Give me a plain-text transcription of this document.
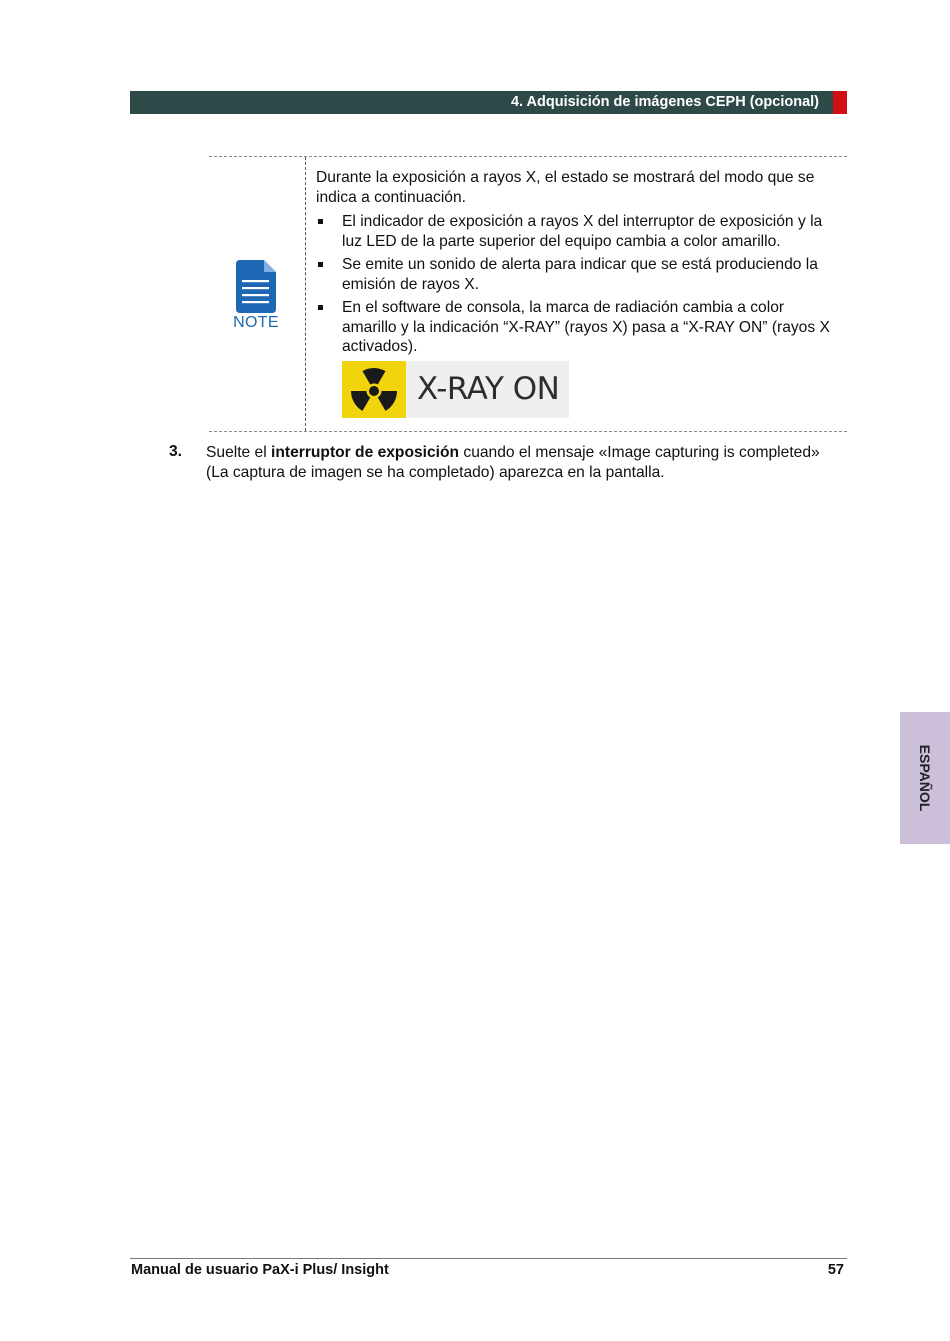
4. Adquisición de imágenes CEPH (opcional)
NOTE

Durante la exposición a rayos X, el estado se mostrará del modo que se indica a continuación.

El indicador de exposición a rayos X del interruptor de exposición y la luz LED de la parte superior del equipo cambia a color amarillo.
Se emite un sonido de alerta para indicar que se está produciendo la emisión de rayos X.
En el software de consola, la marca de radiación cambia a color amarillo y la indicación “X-RAY” (rayos X) pasa a “X-RAY ON” (rayos X activados).
X-RAY ON
3. Suelte el interruptor de exposición cuando el mensaje «Image capturing is completed» (La captura de imagen se ha completado) aparezca en la pantalla.
ESPAÑOL
Manual de usuario PaX-i Plus/ Insight	57
